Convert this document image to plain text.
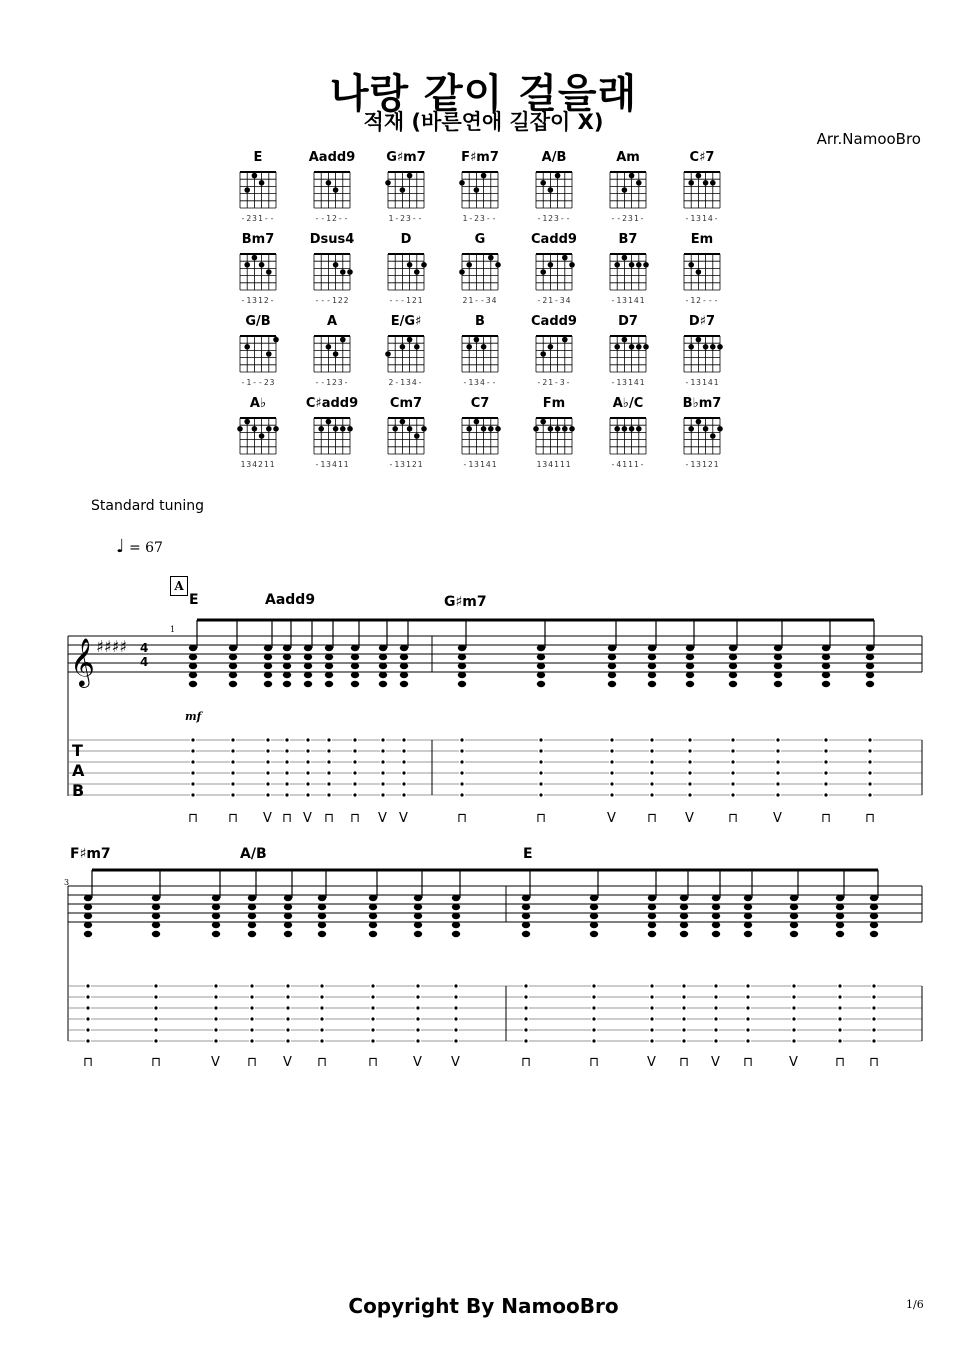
나랑 같이 걸을래
적재 (바른연애 길잡이 X)
Arr.NamooBro
E
-231--
Aadd9
--12--
G♯m7
1-23--
F♯m7
1-23--
A/B
-123--
Am
--231-
C♯7
-1314-
Bm7
-1312-
Dsus4
---122
D
---121
G
21--34
Cadd9
-21-34
B7
-13141
Em
-12---
G/B
-1--23
A
--123-
E/G♯
2-134-
B
-134--
Cadd9
-21-3-
D7
-13141
D♯7
-13141
A♭
134211
C♯add9
-13411
Cm7
-13121
C7
-13141
Fm
134111
A♭/C
-4111-
B♭m7
-13121
Standard tuning
♩ = 67
A
E	Aadd9	G♯m7
mf
1
F♯m7	A/B	E
3
𝄞 ♯♯♯♯ 4
4
T
A
B
⊓ ⊓ V ⊓ V ⊓ ⊓ V V	⊓	⊓	V ⊓ V	⊓	V	⊓	⊓
⊓	⊓	V ⊓ V ⊓	⊓	V V	⊓	⊓	V ⊓ V ⊓	V	⊓ ⊓
Copyright By NamooBro	1/6
